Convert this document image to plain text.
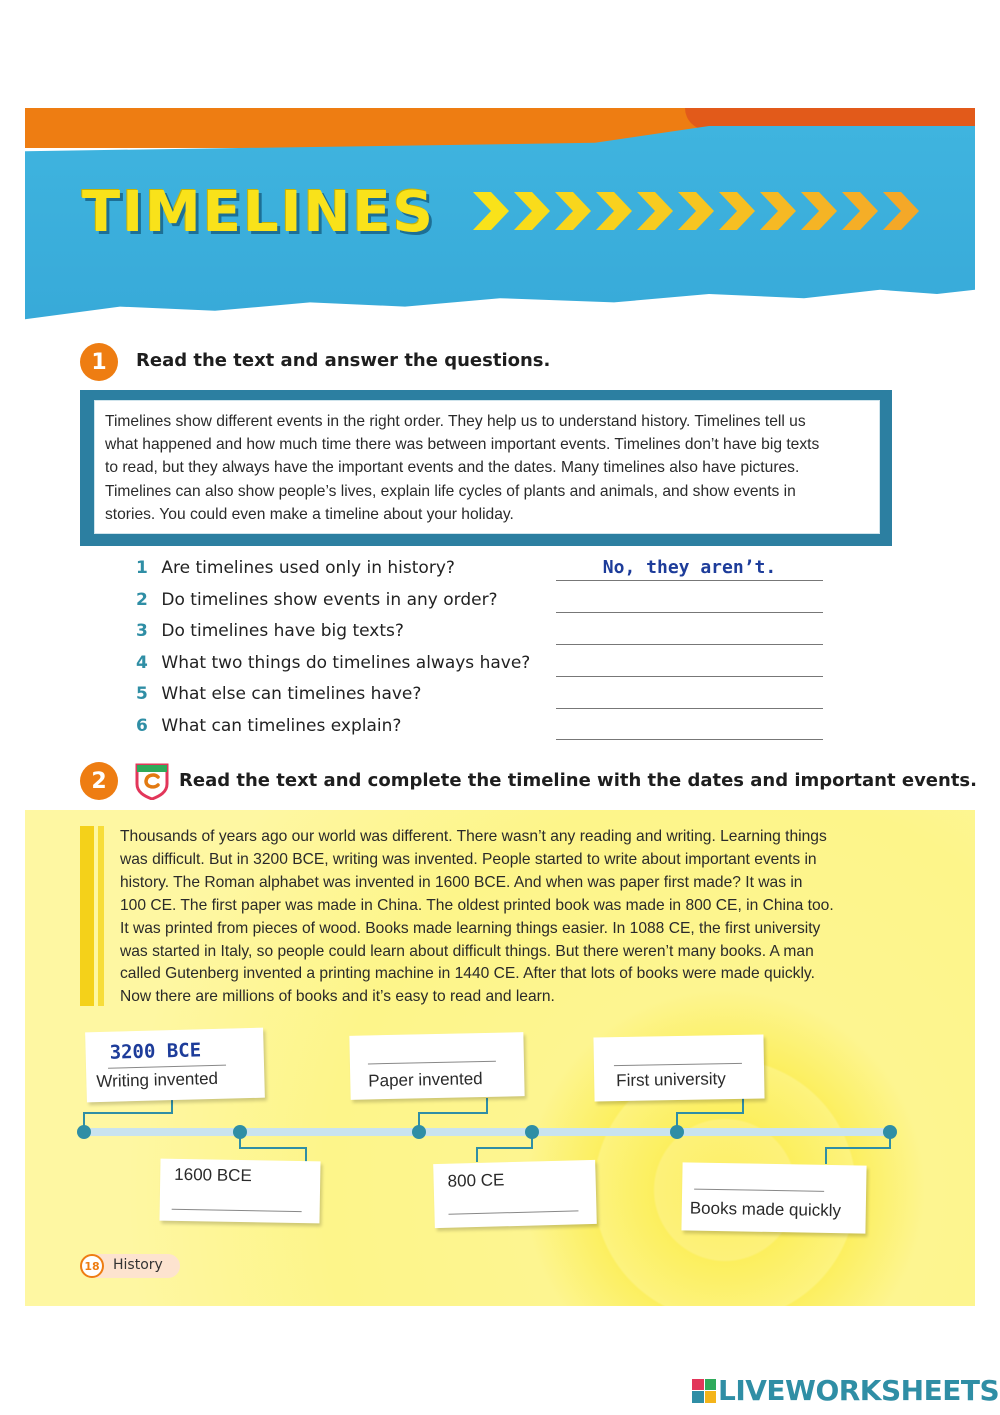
TIMELINES
1	Read the text and answer the questions.
Timelines show different events in the right order. They help us to understand history. Timelines tell us
what happened and how much time there was between important events. Timelines don’t have big texts
to read, but they always have the important events and the dates. Many timelines also have pictures.
Timelines can also show people’s lives, explain life cycles of plants and animals, and show events in
stories. You could even make a timeline about your holiday.
1 Are timelines used only in history?
2 Do timelines show events in any order?
3 Do timelines have big texts?
4 What two things do timelines always have?
5 What else can timelines have?
6 What can timelines explain?
No, they aren’t.
2	Read the text and complete the timeline with the dates and important events.
Thousands of years ago our world was different. There wasn’t any reading and writing. Learning things
was difficult. But in 3200 BCE, writing was invented. People started to write about important events in
history. The Roman alphabet was invented in 1600 BCE. And when was paper first made? It was in
100 CE. The first paper was made in China. The oldest printed book was made in 800 CE, in China too.
It was printed from pieces of wood. Books made learning things easier. In 1088 CE, the first university
was started in Italy, so people could learn about difficult things. But there weren’t many books. A man
called Gutenberg invented a printing machine in 1440 CE. After that lots of books were made quickly.
Now there are millions of books and it’s easy to read and learn.
3200 BCE
Writing invented	Paper invented	First university
1600 BCE	800 CE
Books made quickly
18 History
LIVEWORKSHEETS
